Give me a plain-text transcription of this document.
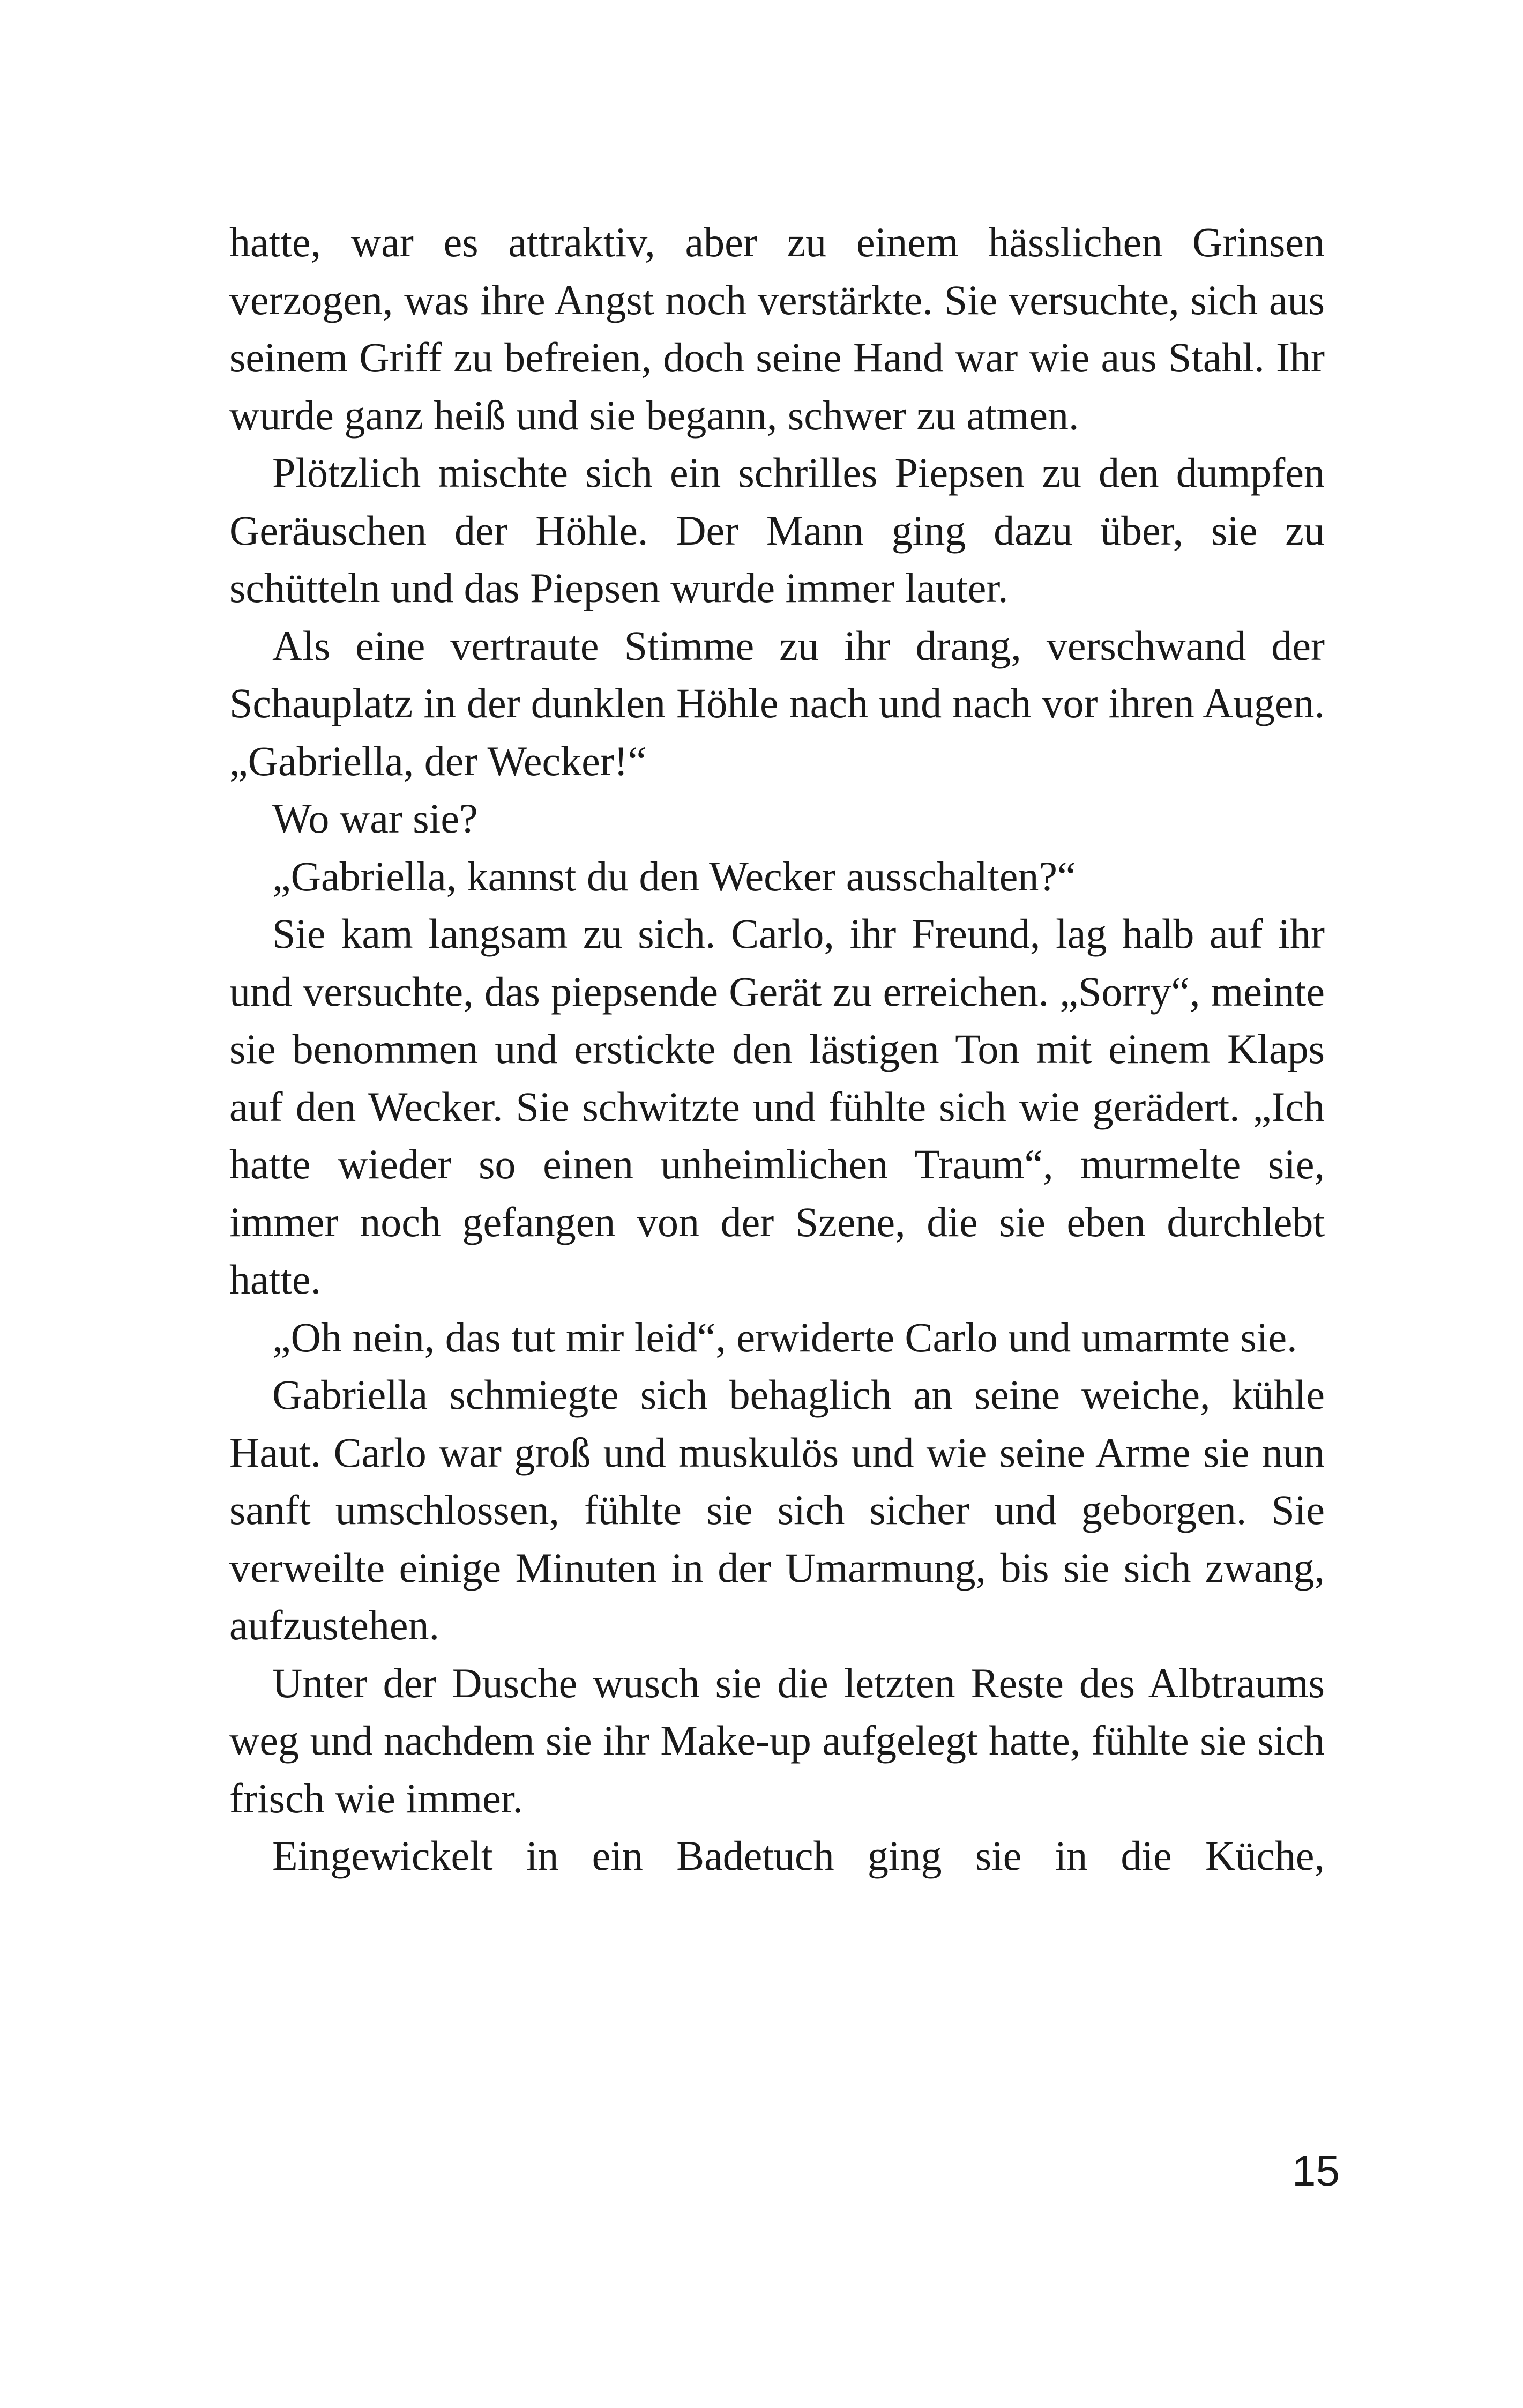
hatte, war es attraktiv, aber zu einem hässlichen Grinsen verzogen, was ihre Angst noch verstärkte. Sie versuchte, sich aus seinem Griff zu befreien, doch seine Hand war wie aus Stahl. Ihr wurde ganz heiß und sie begann, schwer zu atmen.

Plötzlich mischte sich ein schrilles Piepsen zu den dumpfen Geräuschen der Höhle. Der Mann ging dazu über, sie zu schütteln und das Piepsen wurde immer lauter.

Als eine vertraute Stimme zu ihr drang, verschwand der Schauplatz in der dunklen Höhle nach und nach vor ihren Augen. „Gabriella, der Wecker!“

Wo war sie?

„Gabriella, kannst du den Wecker ausschalten?“

Sie kam langsam zu sich. Carlo, ihr Freund, lag halb auf ihr und versuchte, das piepsende Gerät zu erreichen. „Sorry“, meinte sie benommen und erstickte den lästigen Ton mit einem Klaps auf den Wecker. Sie schwitzte und fühlte sich wie gerädert. „Ich hatte wieder so einen unheimlichen Traum“, murmelte sie, immer noch gefangen von der Szene, die sie eben durchlebt hatte.

„Oh nein, das tut mir leid“, erwiderte Carlo und umarmte sie.

Gabriella schmiegte sich behaglich an seine weiche, kühle Haut. Carlo war groß und muskulös und wie seine Arme sie nun sanft umschlossen, fühlte sie sich sicher und geborgen. Sie verweilte einige Minuten in der Umarmung, bis sie sich zwang, aufzustehen.

Unter der Dusche wusch sie die letzten Reste des Albtraums weg und nachdem sie ihr Make-up aufgelegt hatte, fühlte sie sich frisch wie immer.

Eingewickelt in ein Badetuch ging sie in die Küche,

15
